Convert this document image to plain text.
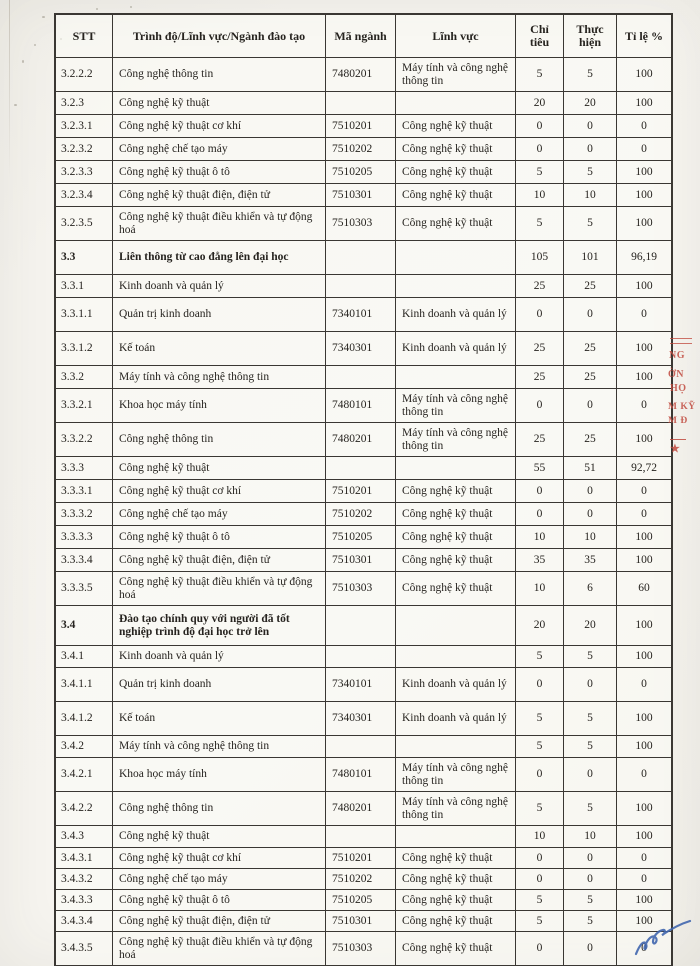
STT	Trình độ/Lĩnh vực/Ngành đào tạo	Mã ngành	Lĩnh vực	Chỉ tiêu	Thực hiện	Tỉ lệ %
3.2.2.2	Công nghệ thông tin	7480201	Máy tính và công nghệ thông tin	5	5	100
3.2.3	Công nghệ kỹ thuật			20	20	100
3.2.3.1	Công nghệ kỹ thuật cơ khí	7510201	Công nghệ kỹ thuật	0	0	0
3.2.3.2	Công nghệ chế tạo máy	7510202	Công nghệ kỹ thuật	0	0	0
3.2.3.3	Công nghệ kỹ thuật ô tô	7510205	Công nghệ kỹ thuật	5	5	100
3.2.3.4	Công nghệ kỹ thuật điện, điện tử	7510301	Công nghệ kỹ thuật	10	10	100
3.2.3.5	Công nghệ kỹ thuật điều khiển và tự động hoá	7510303	Công nghệ kỹ thuật	5	5	100
3.3	Liên thông từ cao đẳng lên đại học			105	101	96,19
3.3.1	Kinh doanh và quản lý			25	25	100
3.3.1.1	Quản trị kinh doanh	7340101	Kinh doanh và quản lý	0	0	0
3.3.1.2	Kế toán	7340301	Kinh doanh và quản lý	25	25	100
3.3.2	Máy tính và công nghệ thông tin			25	25	100
3.3.2.1	Khoa học máy tính	7480101	Máy tính và công nghệ thông tin	0	0	0
3.3.2.2	Công nghệ thông tin	7480201	Máy tính và công nghệ thông tin	25	25	100
3.3.3	Công nghệ kỹ thuật			55	51	92,72
3.3.3.1	Công nghệ kỹ thuật cơ khí	7510201	Công nghệ kỹ thuật	0	0	0
3.3.3.2	Công nghệ chế tạo máy	7510202	Công nghệ kỹ thuật	0	0	0
3.3.3.3	Công nghệ kỹ thuật ô tô	7510205	Công nghệ kỹ thuật	10	10	100
3.3.3.4	Công nghệ kỹ thuật điện, điện tử	7510301	Công nghệ kỹ thuật	35	35	100
3.3.3.5	Công nghệ kỹ thuật điều khiển và tự động hoá	7510303	Công nghệ kỹ thuật	10	6	60
3.4	Đào tạo chính quy với người đã tốt nghiệp trình độ đại học trở lên			20	20	100
3.4.1	Kinh doanh và quản lý			5	5	100
3.4.1.1	Quản trị kinh doanh	7340101	Kinh doanh và quản lý	0	0	0
3.4.1.2	Kế toán	7340301	Kinh doanh và quản lý	5	5	100
3.4.2	Máy tính và công nghệ thông tin			5	5	100
3.4.2.1	Khoa học máy tính	7480101	Máy tính và công nghệ thông tin	0	0	0
3.4.2.2	Công nghệ thông tin	7480201	Máy tính và công nghệ thông tin	5	5	100
3.4.3	Công nghệ kỹ thuật			10	10	100
3.4.3.1	Công nghệ kỹ thuật cơ khí	7510201	Công nghệ kỹ thuật	0	0	0
3.4.3.2	Công nghệ chế tạo máy	7510202	Công nghệ kỹ thuật	0	0	0
3.4.3.3	Công nghệ kỹ thuật ô tô	7510205	Công nghệ kỹ thuật	5	5	100
3.4.3.4	Công nghệ kỹ thuật điện, điện tử	7510301	Công nghệ kỹ thuật	5	5	100
3.4.3.5	Công nghệ kỹ thuật điều khiển và tự động hoá	7510303	Công nghệ kỹ thuật	0	0	0
NG
ỜN
HỌ
M KỸ
M Đ
★
